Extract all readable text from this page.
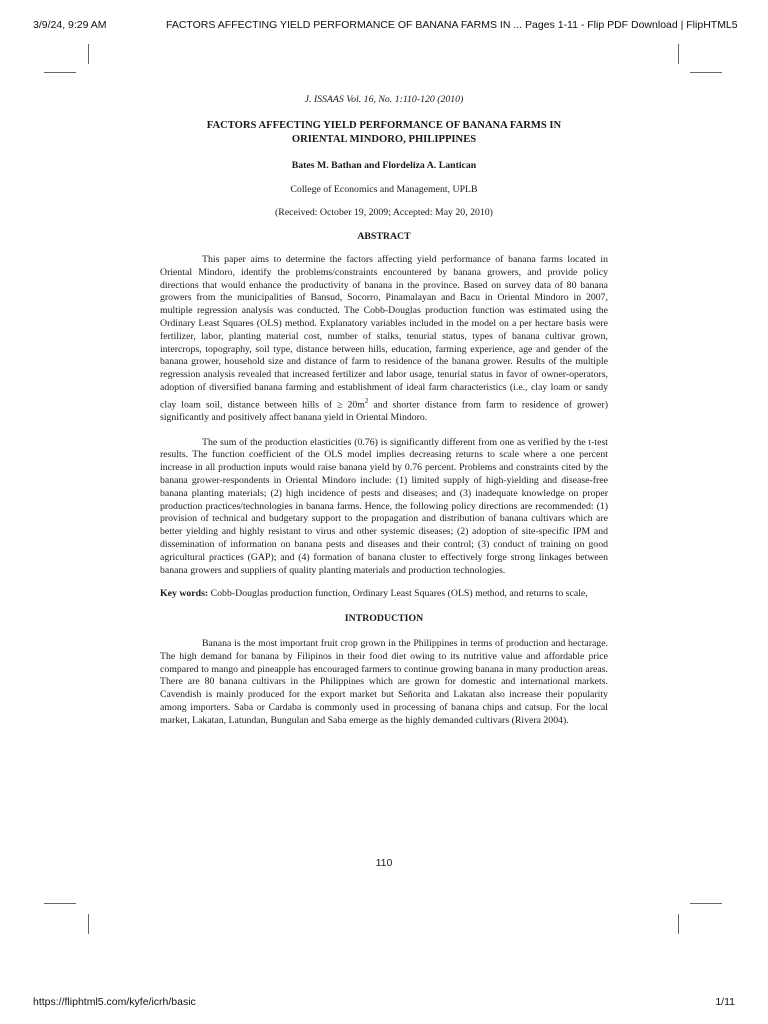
3/9/24, 9:29 AM	FACTORS AFFECTING YIELD PERFORMANCE OF BANANA FARMS IN ... Pages 1-11 - Flip PDF Download | FlipHTML5

J. ISSAAS Vol. 16, No. 1:110-120 (2010)

FACTORS AFFECTING YIELD PERFORMANCE OF BANANA FARMS IN
ORIENTAL MINDORO, PHILIPPINES

Bates M. Bathan and Flordeliza A. Lantican

College of Economics and Management, UPLB

(Received: October 19, 2009; Accepted: May 20, 2010)

ABSTRACT

This paper aims to determine the factors affecting yield performance of banana farms located in Oriental Mindoro, identify the problems/constraints encountered by banana growers, and provide policy directions that would enhance the productivity of banana in the province. Based on survey data of 80 banana growers from the municipalities of Bansud, Socorro, Pinamalayan and Bacu in Oriental Mindoro in 2007, multiple regression analysis was conducted. The Cobb-Douglas production function was estimated using the Ordinary Least Squares (OLS) method. Explanatory variables included in the model on a per hectare basis were fertilizer, labor, planting material cost, number of stalks, tenurial status, types of banana cultivar grown, intercrops, topography, soil type, distance between hills, education, farming experience, age and gender of the banana grower, household size and distance of farm to residence of the banana grower. Results of the multiple regression analysis revealed that increased fertilizer and labor usage, tenurial status in favor of owner-operators, adoption of diversified banana farming and establishment of ideal farm characteristics (i.e., clay loam or sandy clay loam soil, distance between hills of ≥ $20m^2$ and shorter distance from farm to residence of grower) significantly and positively affect banana yield in Oriental Mindoro.

The sum of the production elasticities (0.76) is significantly different from one as verified by the t-test results. The function coefficient of the OLS model implies decreasing returns to scale where a one percent increase in all production inputs would raise banana yield by 0.76 percent. Problems and constraints cited by the banana grower-respondents in Oriental Mindoro include: (1) limited supply of high-yielding and disease-free banana planting materials; (2) high incidence of pests and diseases; and (3) inadequate knowledge on proper production practices/technologies in banana farms. Hence, the following policy directions are recommended: (1) provision of technical and budgetary support to the propagation and distribution of banana cultivars which are better yielding and highly resistant to virus and other systemic diseases; (2) adoption of site-specific IPM and dissemination of information on banana pests and diseases and their control; (3) conduct of training on good agricultural practices (GAP); and (4) formation of banana cluster to effectively forge strong linkages between banana growers and suppliers of quality planting materials and production technologies.

Key words: Cobb-Douglas production function, Ordinary Least Squares (OLS) method, and returns to scale,

INTRODUCTION

Banana is the most important fruit crop grown in the Philippines in terms of production and hectarage. The high demand for banana by Filipinos in their food diet owing to its nutritive value and affordable price compared to mango and pineapple has encouraged farmers to continue growing banana in many production areas. There are 80 banana cultivars in the Philippines which are grown for domestic and international markets. Cavendish is mainly produced for the export market but Señorita and Lakatan also increase their popularity among importers. Saba or Cardaba is commonly used in processing of banana chips and catsup. For the local market, Lakatan, Latundan, Bungulan and Saba emerge as the highly demanded cultivars (Rivera 2004).

110
https://fliphtml5.com/kyfe/icrh/basic	1/11
